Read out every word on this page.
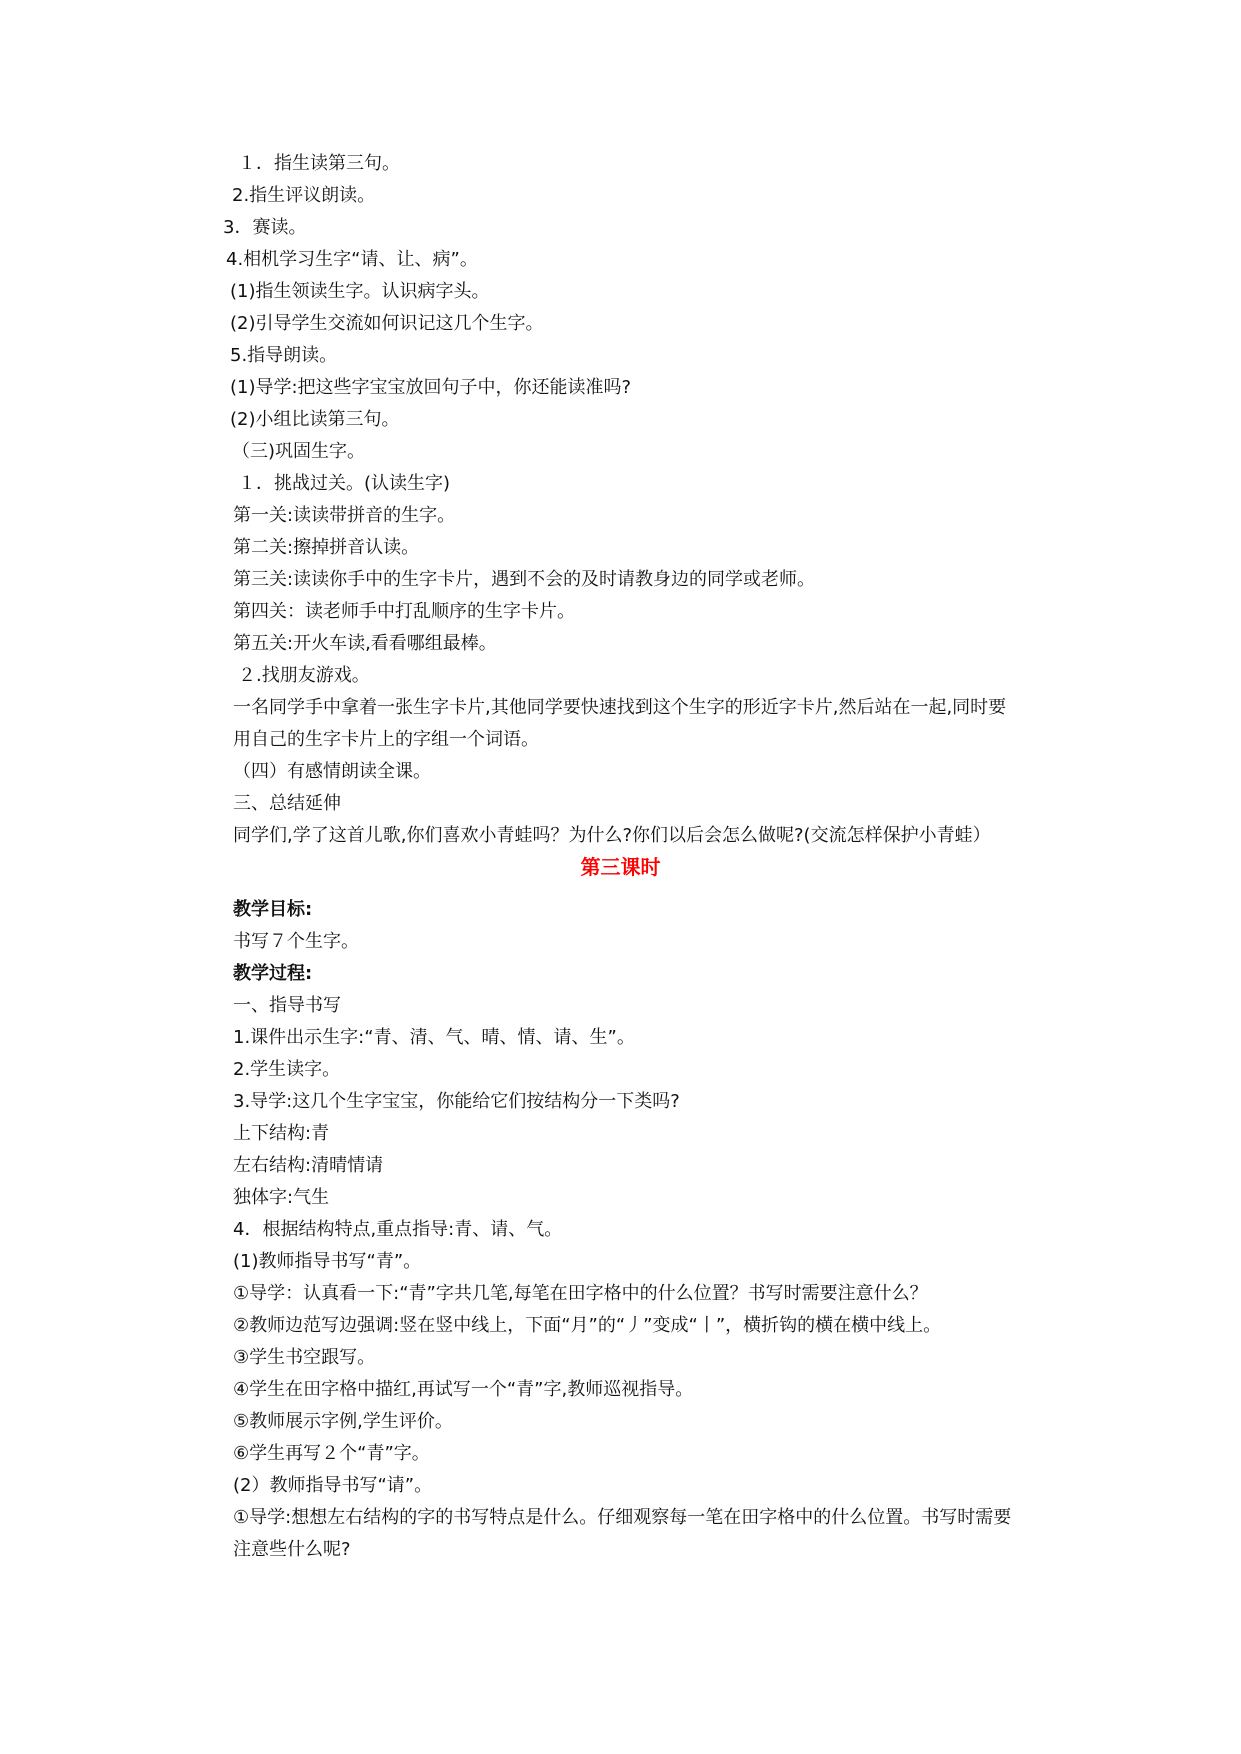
１．指生读第三句。
2.指生评议朗读。
3．赛读。
4.相机学习生字“请、让、病”。
(1)指生领读生字。认识病字头。
(2)引导学生交流如何识记这几个生字。
5.指导朗读。
(1)导学:把这些字宝宝放回句子中，你还能读准吗?
(2)小组比读第三句。
（三)巩固生字。
１．挑战过关。(认读生字)
第一关:读读带拼音的生字。
第二关:擦掉拼音认读。
第三关:读读你手中的生字卡片，遇到不会的及时请教身边的同学或老师。
第四关：读老师手中打乱顺序的生字卡片。
第五关:开火车读,看看哪组最棒。
２.找朋友游戏。
一名同学手中拿着一张生字卡片,其他同学要快速找到这个生字的形近字卡片,然后站在一起,同时要
用自己的生字卡片上的字组一个词语。
（四）有感情朗读全课。
三、总结延伸
同学们,学了这首儿歌,你们喜欢小青蛙吗？为什么?你们以后会怎么做呢?(交流怎样保护小青蛙）
第三课时
教学目标:
书写７个生字。
教学过程:
一、指导书写
1.课件出示生字:“青、清、气、晴、情、请、生”。
2.学生读字。
3.导学:这几个生字宝宝，你能给它们按结构分一下类吗?
上下结构:青
左右结构:清晴情请
独体字:气生
4．根据结构特点,重点指导:青、请、气。
(1)教师指导书写“青”。
①导学：认真看一下:“青”字共几笔,每笔在田字格中的什么位置？书写时需要注意什么？
②教师边范写边强调:竖在竖中线上，下面“月”的“丿”变成“丨”，横折钩的横在横中线上。
③学生书空跟写。
④学生在田字格中描红,再试写一个“青”字,教师巡视指导。
⑤教师展示字例,学生评价。
⑥学生再写２个“青”字。
(2）教师指导书写“请”。
①导学:想想左右结构的字的书写特点是什么。仔细观察每一笔在田字格中的什么位置。书写时需要
注意些什么呢?
